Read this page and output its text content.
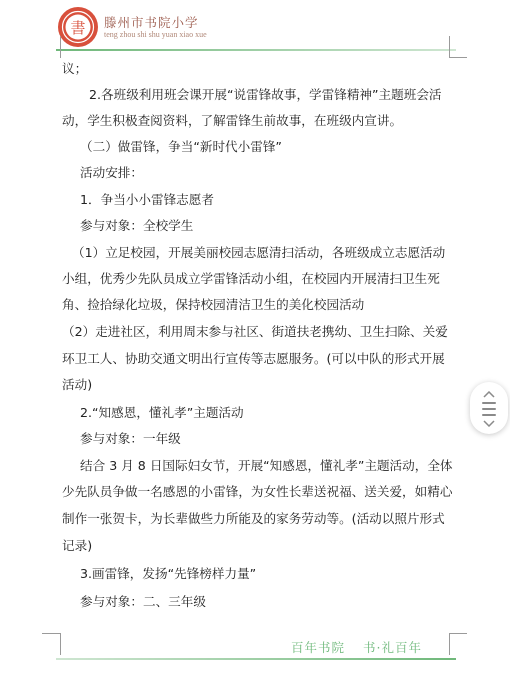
書 滕州市书院小学
teng zhou shi shu yuan xiao xue
议；
2.各班级利用班会课开展“说雷锋故事，学雷锋精神”主题班会活
动，学生积极查阅资料，了解雷锋生前故事，在班级内宣讲。
（二）做雷锋，争当“新时代小雷锋”
活动安排：
1．争当小小雷锋志愿者
参与对象：全校学生
（1）立足校园，开展美丽校园志愿清扫活动，各班级成立志愿活动
小组，优秀少先队员成立学雷锋活动小组，在校园内开展清扫卫生死
角、捡拾绿化垃圾，保持校园清洁卫生的美化校园活动
（2）走进社区，利用周末参与社区、街道扶老携幼、卫生扫除、关爱
环卫工人、协助交通文明出行宣传等志愿服务。(可以中队的形式开展
活动)
2.“知感恩，懂礼孝”主题活动
参与对象：一年级
结合 3 月 8 日国际妇女节，开展“知感恩，懂礼孝”主题活动，全体
少先队员争做一名感恩的小雷锋，为女性长辈送祝福、送关爱，如精心
制作一张贺卡，为长辈做些力所能及的家务劳动等。(活动以照片形式
记录)
3.画雷锋，发扬“先锋榜样力量”
参与对象：二、三年级
百年书院 书·礼百年
